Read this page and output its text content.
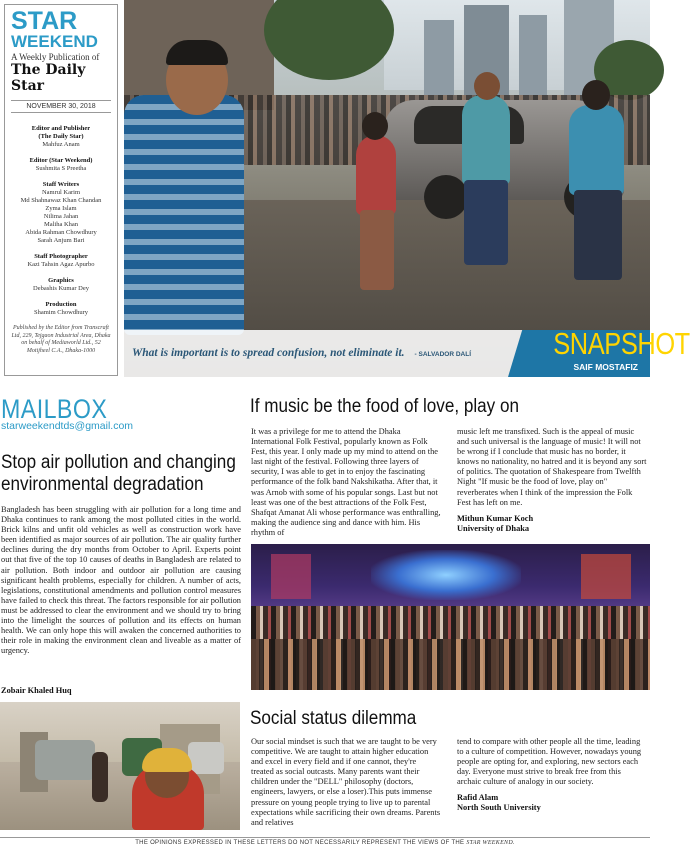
STAR
WEEKEND
A Weekly Publication of
The Daily Star
NOVEMBER 30, 2018
Editor and Publisher
(The Daily Star)
Mahfuz Anam
Editor (Star Weekend)
Sushmita S Preetha
Staff Writers
Namrul Karim
Md Shahnawaz Khan Chandan
Zyma Islam
Nilima Jahan
Maliha Khan
Abida Rahman Chowdhury
Sarah Anjum Bari
Staff Photographer
Kazi Tahsin Agaz Apurbo
Graphics
Debashis Kumar Dey
Production
Shamim Chowdhury
Published by the Editor from Transcraft Ltd, 229, Tejgaon Industrial Area, Dhaka on behalf of Mediaworld Ltd., 52 Motijheel C.A., Dhaka-1000	What is important is to spread confusion, not eliminate it. - SALVADOR DALÍ	SNAPSHOT
SAIF MOSTAFIZ
MAILBOX
starweekendtds@gmail.com
Stop air pollution and changing environmental degradation
Bangladesh has been struggling with air pollution for a long time and Dhaka continues to rank among the most polluted cities in the world. Brick kilns and unfit old vehicles as well as construction work have been identified as major sources of air pollution. The air quality further declines during the dry months from October to April. Experts point out that five of the top 10 causes of deaths in Bangladesh are related to air pollution. Both indoor and outdoor air pollution are causing significant health problems, especially for children. A number of acts, legislations, constitutional amendments and pollution control measures have failed to check this threat. The factors responsible for air pollution must be addressed to clear the environment and we should try to bring into the limelight the sources of pollution and its effects on human health. We can only hope this will awaken the concerned authorities to their role in making the environment clean and liveable as a matter of urgency.
Zobair Khaled Huq
If music be the food of love, play on
It was a privilege for me to attend the Dhaka International Folk Festival, popularly known as Folk Fest, this year. I only made up my mind to attend on the last night of the festival. Following three layers of security, I was able to get in to enjoy the fascinating performance of the folk band Nakshikatha. After that, it was Arnob with some of his popular songs. Last but not least was one of the best attractions of the Folk Fest, Shafqat Amanat Ali whose performance was enthralling, making the audience sing and dance with him. His rhythm of
music left me transfixed. Such is the appeal of music and such universal is the language of music! It will not be wrong if I conclude that music has no border, it knows no nationality, no hatred and it is beyond any sort of politics. The quotation of Shakespeare from Twelfth Night "If music be the food of love, play on" reverberates when I think of the impression the Folk Fest has left on me.
Mithun Kumar Koch
University of Dhaka
Social status dilemma
Our social mindset is such that we are taught to be very competitive. We are taught to attain higher education and excel in every field and if one cannot, they're treated as social outcasts. Many parents want their children under the "DELL" philosophy (doctors, engineers, lawyers, or else a loser).This puts immense pressure on young people trying to live up to parental expectations while sacrificing their own dreams. Parents and relatives
tend to compare with other people all the time, leading to a culture of competition. However, nowadays young people are opting for, and exploring, new sectors each day. Everyone must strive to break free from this archaic culture of analogy in our society.
Rafid Alam
North South University
THE OPINIONS EXPRESSED IN THESE LETTERS DO NOT NECESSARILY REPRESENT THE VIEWS OF THE STAR WEEKEND.
